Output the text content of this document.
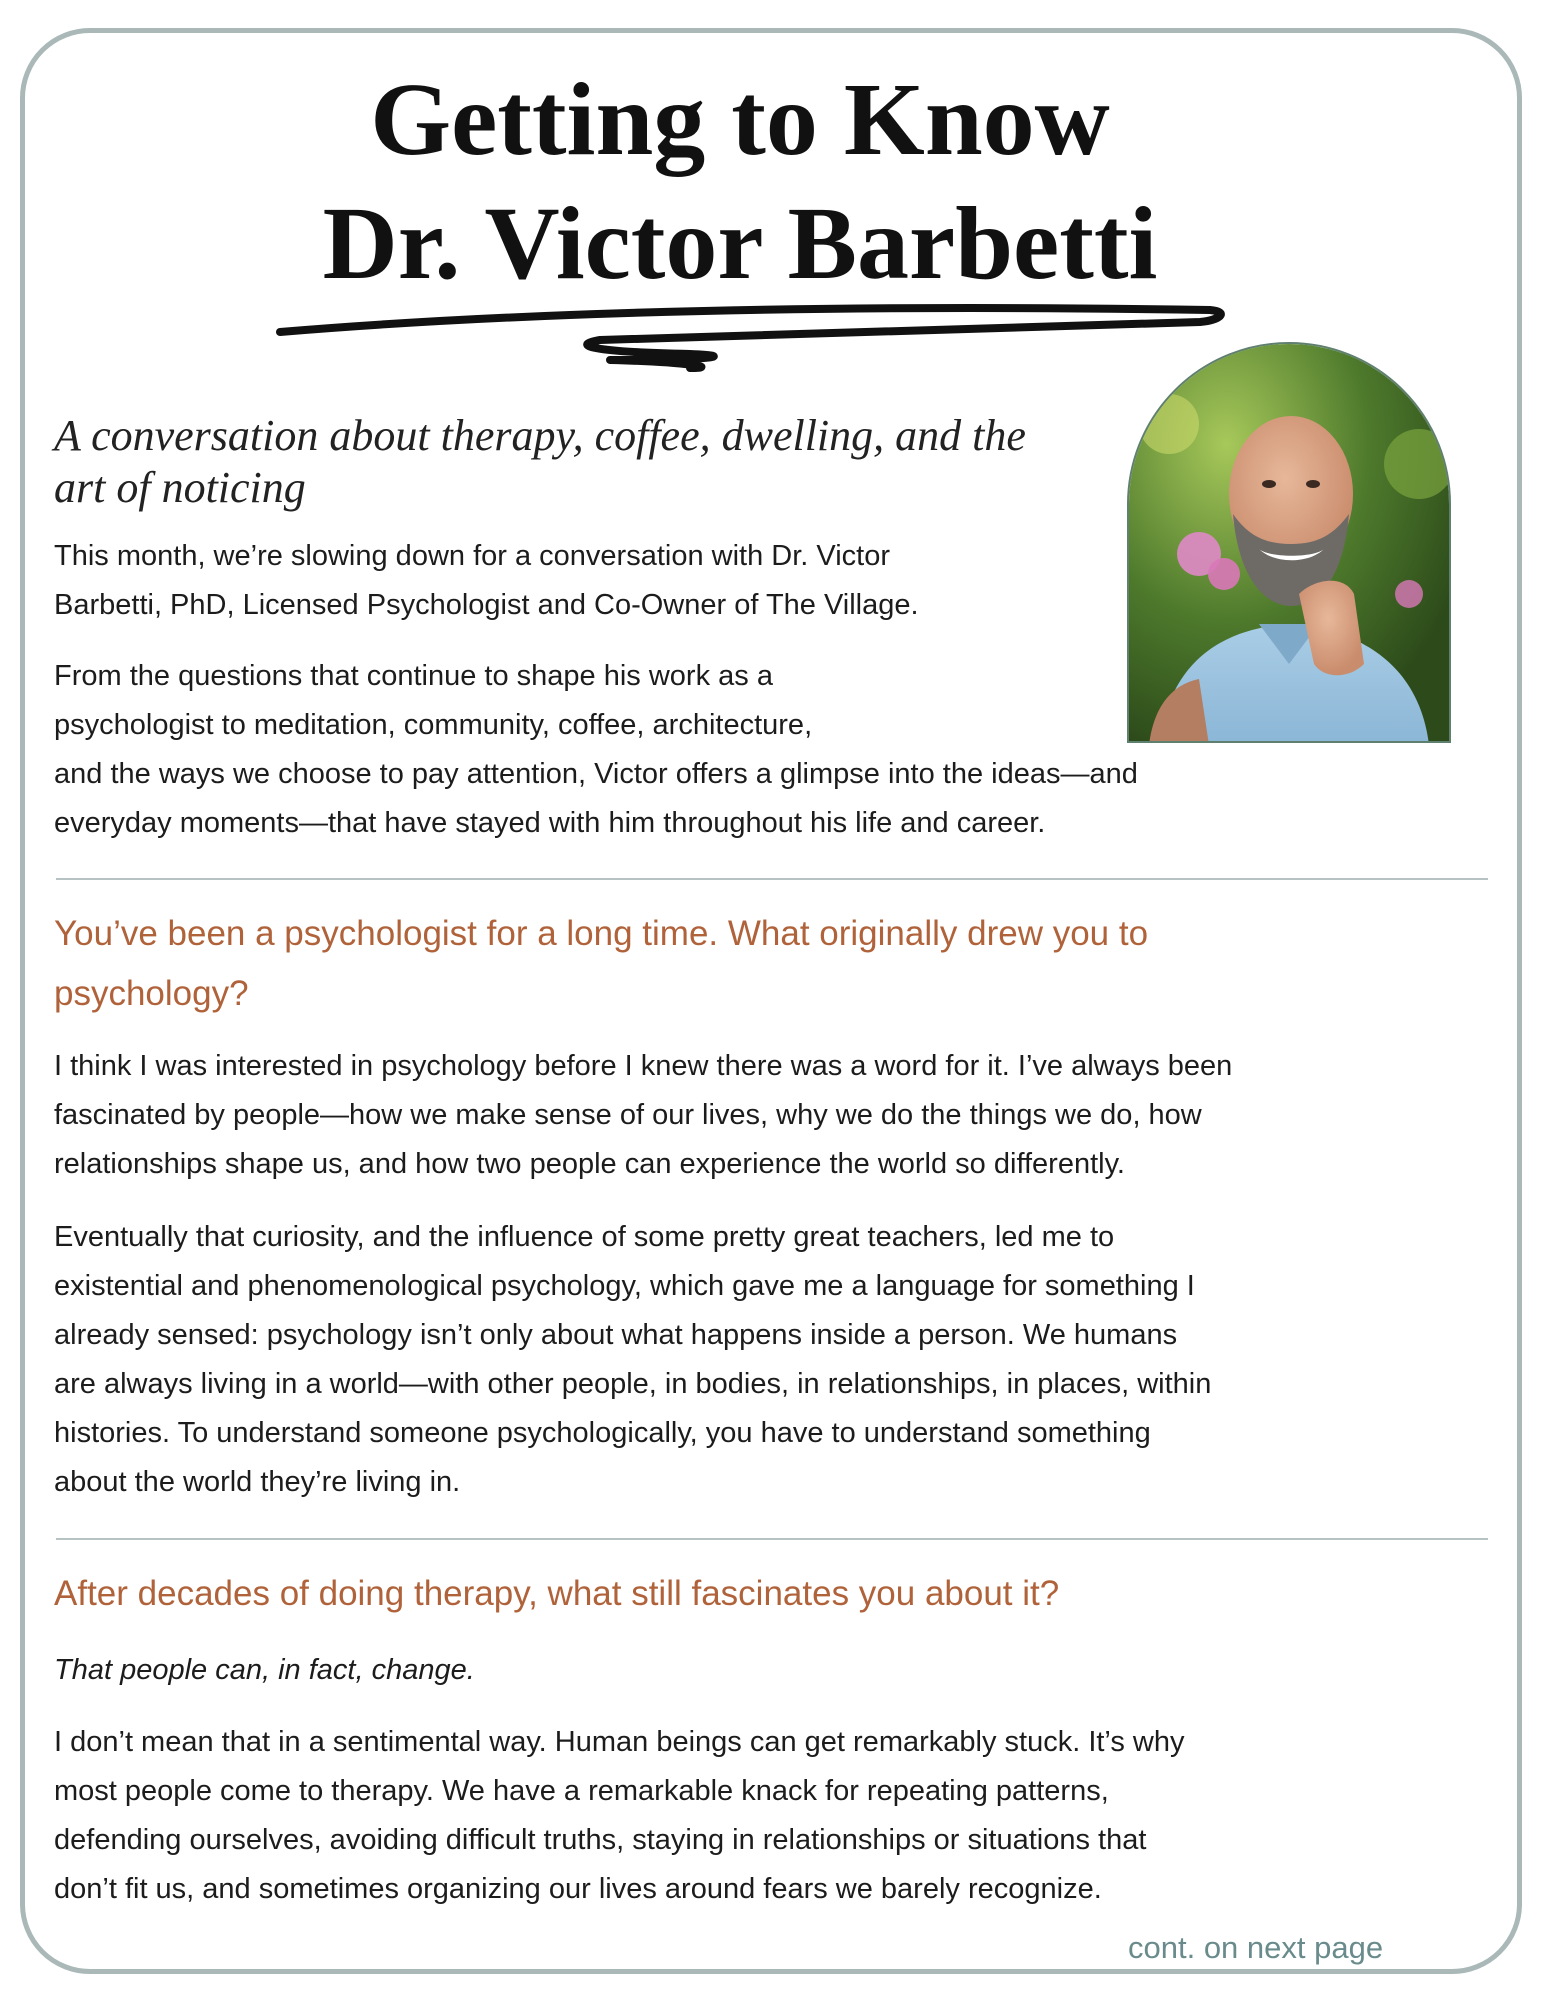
Getting to Know
Dr. Victor Barbetti
A conversation about therapy, coffee, dwelling, and the
art of noticing
This month, we’re slowing down for a conversation with Dr. Victor
Barbetti, PhD, Licensed Psychologist and Co-Owner of The Village.
From the questions that continue to shape his work as a
psychologist to meditation, community, coffee, architecture,
and the ways we choose to pay attention, Victor offers a glimpse into the ideas—and
everyday moments—that have stayed with him throughout his life and career.
You’ve been a psychologist for a long time. What originally drew you to
psychology?
I think I was interested in psychology before I knew there was a word for it. I’ve always been
fascinated by people—how we make sense of our lives, why we do the things we do, how
relationships shape us, and how two people can experience the world so differently.
Eventually that curiosity, and the influence of some pretty great teachers, led me to
existential and phenomenological psychology, which gave me a language for something I
already sensed: psychology isn’t only about what happens inside a person. We humans
are always living in a world—with other people, in bodies, in relationships, in places, within
histories. To understand someone psychologically, you have to understand something
about the world they’re living in.
After decades of doing therapy, what still fascinates you about it?
That people can, in fact, change.
I don’t mean that in a sentimental way. Human beings can get remarkably stuck. It’s why
most people come to therapy. We have a remarkable knack for repeating patterns,
defending ourselves, avoiding difficult truths, staying in relationships or situations that
don’t fit us, and sometimes organizing our lives around fears we barely recognize.
cont. on next page
